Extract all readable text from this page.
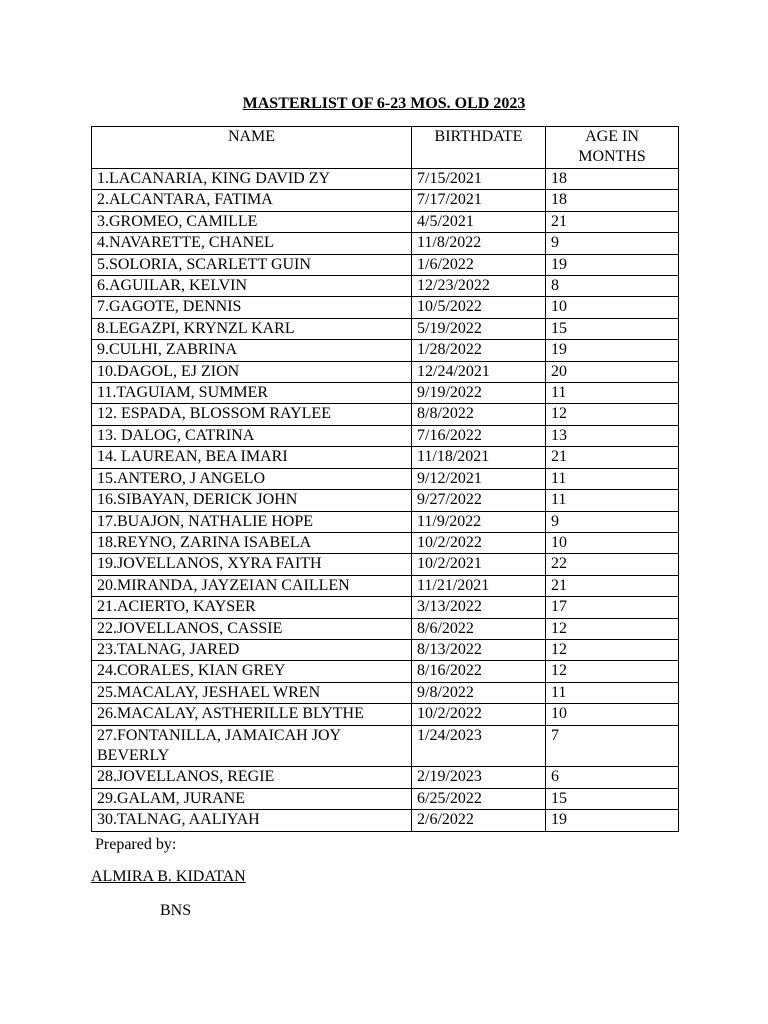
MASTERLIST OF 6-23 MOS. OLD 2023
NAME	BIRTHDATE	AGE IN MONTHS
1.LACANARIA, KING DAVID ZY	7/15/2021	18
2.ALCANTARA, FATIMA	7/17/2021	18
3.GROMEO, CAMILLE	4/5/2021	21
4.NAVARETTE, CHANEL	11/8/2022	9
5.SOLORIA, SCARLETT GUIN	1/6/2022	19
6.AGUILAR, KELVIN	12/23/2022	8
7.GAGOTE, DENNIS	10/5/2022	10
8.LEGAZPI, KRYNZL KARL	5/19/2022	15
9.CULHI, ZABRINA	1/28/2022	19
10.DAGOL, EJ ZION	12/24/2021	20
11.TAGUIAM, SUMMER	9/19/2022	11
12. ESPADA, BLOSSOM RAYLEE	8/8/2022	12
13. DALOG, CATRINA	7/16/2022	13
14. LAUREAN, BEA IMARI	11/18/2021	21
15.ANTERO, J ANGELO	9/12/2021	11
16.SIBAYAN, DERICK JOHN	9/27/2022	11
17.BUAJON, NATHALIE HOPE	11/9/2022	9
18.REYNO, ZARINA ISABELA	10/2/2022	10
19.JOVELLANOS, XYRA FAITH	10/2/2021	22
20.MIRANDA, JAYZEIAN CAILLEN	11/21/2021	21
21.ACIERTO, KAYSER	3/13/2022	17
22.JOVELLANOS, CASSIE	8/6/2022	12
23.TALNAG, JARED	8/13/2022	12
24.CORALES, KIAN GREY	8/16/2022	12
25.MACALAY, JESHAEL WREN	9/8/2022	11
26.MACALAY, ASTHERILLE BLYTHE	10/2/2022	10
27.FONTANILLA, JAMAICAH JOY BEVERLY	1/24/2023	7
28.JOVELLANOS, REGIE	2/19/2023	6
29.GALAM, JURANE	6/25/2022	15
30.TALNAG, AALIYAH	2/6/2022	19
Prepared by:
ALMIRA B. KIDATAN
BNS
